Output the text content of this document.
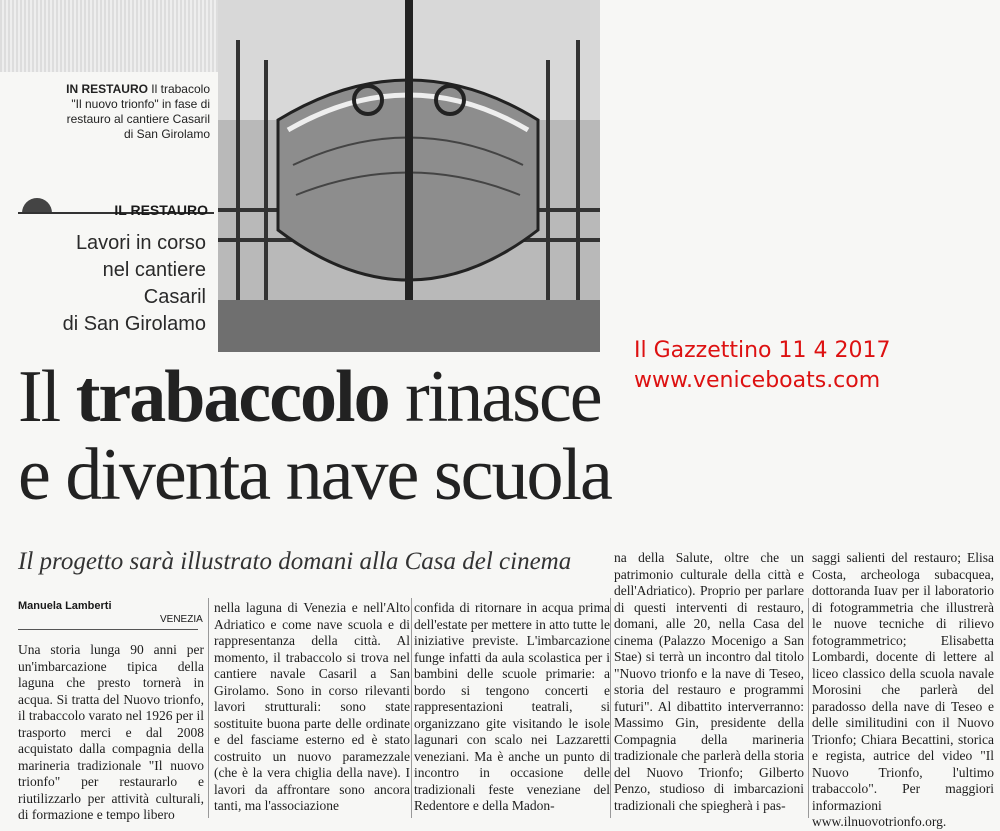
IN RESTAURO Il trabacolo "Il nuovo trionfo" in fase di restauro al cantiere Casaril di San Girolamo
IL RESTAURO
Lavori in corso
nel cantiere
Casaril
di San Girolamo
Il Gazzettino 11 4 2017
www.veniceboats.com
Il trabaccolo rinasce
e diventa nave scuola
Il progetto sarà illustrato domani alla Casa del cinema
Manuela Lamberti
VENEZIA

Una storia lunga 90 anni per un'imbarcazione tipica della laguna che presto tornerà in acqua. Si tratta del Nuovo trionfo, il trabaccolo varato nel 1926 per il trasporto merci e dal 2008 acquistato dalla compagnia della marineria tradizionale "Il nuovo trionfo" per restaurarlo e riutilizzarlo per attività culturali, di formazione e tempo libero

nella laguna di Venezia e nell'Alto Adriatico e come nave scuola e di rappresentanza della città. Al momento, il trabaccolo si trova nel cantiere navale Casaril a San Girolamo. Sono in corso rilevanti lavori strutturali: sono state sostituite buona parte delle ordinate e del fasciame esterno ed è stato costruito un nuovo paramezzale (che è la vera chiglia della nave). I lavori da affrontare sono ancora tanti, ma l'associazione

confida di ritornare in acqua prima dell'estate per mettere in atto tutte le iniziative previste. L'imbarcazione funge infatti da aula scolastica per i bambini delle scuole primarie: a bordo si tengono concerti e rappresentazioni teatrali, si organizzano gite visitando le isole lagunari con scalo nei Lazzaretti veneziani. Ma è anche un punto di incontro in occasione delle tradizionali feste veneziane del Redentore e della Madon-

na della Salute, oltre che un patrimonio culturale della città e dell'Adriatico). Proprio per parlare di questi interventi di restauro, domani, alle 20, nella Casa del cinema (Palazzo Mocenigo a San Stae) si terrà un incontro dal titolo "Nuovo trionfo e la nave di Teseo, storia del restauro e programmi futuri". Al dibattito interverranno: Massimo Gin, presidente della Compagnia della marineria tradizionale che parlerà della storia del Nuovo Trionfo; Gilberto Penzo, studioso di imbarcazioni tradizionali che spiegherà i pas-

saggi salienti del restauro; Elisa Costa, archeologa subacquea, dottoranda Iuav per il laboratorio di fotogrammetria che illustrerà le nuove tecniche di rilievo fotogrammetrico; Elisabetta Lombardi, docente di lettere al liceo classico della scuola navale Morosini che parlerà del paradosso della nave di Teseo e delle similitudini con il Nuovo Trionfo; Chiara Becattini, storica e regista, autrice del video "Il Nuovo Trionfo, l'ultimo trabaccolo". Per maggiori informazioni www.ilnuovotrionfo.org.
